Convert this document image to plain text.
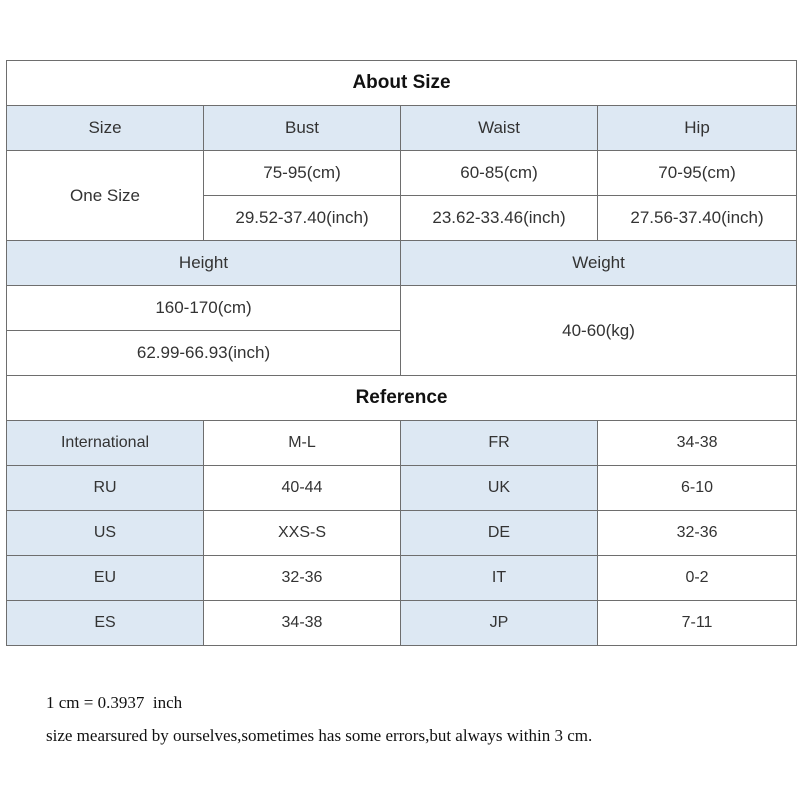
About Size			
Size	Bust	Waist	Hip
One Size	75-95(cm)	60-85(cm)	70-95(cm)
	29.52-37.40(inch)	23.62-33.46(inch)	27.56-37.40(inch)
Height		Weight	
160-170(cm)		40-60(kg)	
62.99-66.93(inch)			
Reference			
International	M-L	FR	34-38
RU	40-44	UK	6-10
US	XXS-S	DE	32-36
EU	32-36	IT	0-2
ES	34-38	JP	7-11

1 cm = 0.3937  inch

size mearsured by ourselves,sometimes has some errors,but always within 3 cm.
